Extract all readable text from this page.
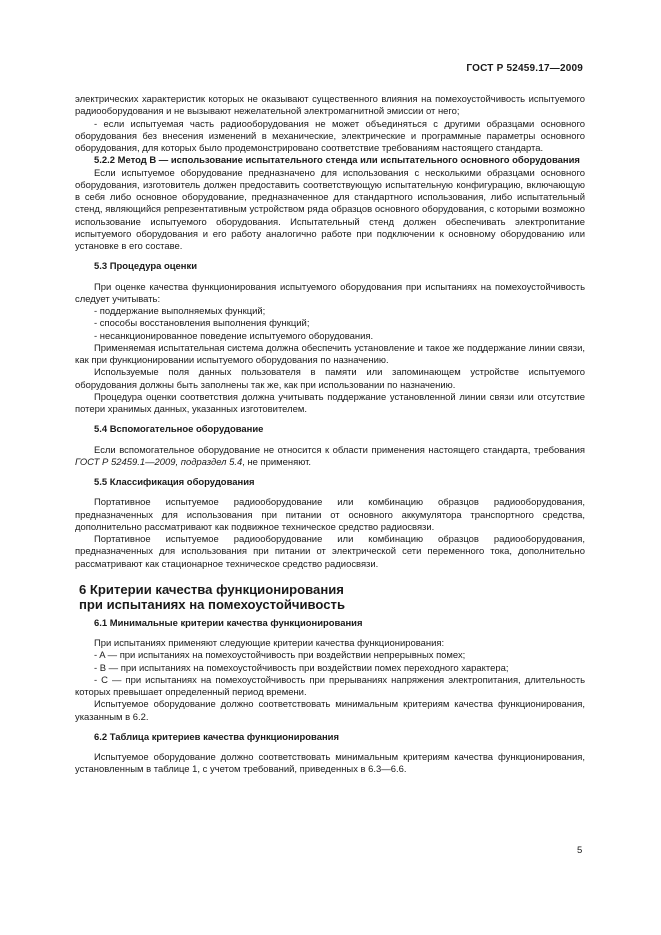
ГОСТ Р 52459.17—2009

электрических характеристик которых не оказывают существенного влияния на помехоустойчивость испытуемого радиооборудования и не вызывают нежелательной электромагнитной эмиссии от него;

- если испытуемая часть радиооборудования не может объединяться с другими образцами основного оборудования без внесения изменений в механические, электрические и программные параметры основного оборудования, для которых было продемонстрировано соответствие требованиям настоящего стандарта.

5.2.2 Метод В — использование испытательного стенда или испытательного основного оборудования

Если испытуемое оборудование предназначено для использования с несколькими образцами основного оборудования, изготовитель должен предоставить соответствующую испытательную конфигурацию, включающую в себя либо основное оборудование, предназначенное для стандартного использования, либо испытательный стенд, являющийся репрезентативным устройством ряда образцов основного оборудования, с которыми возможно использование испытуемого оборудования. Испытательный стенд должен обеспечивать электропитание испытуемого оборудования и его работу аналогично работе при подключении к основному оборудованию или установке в его составе.

5.3 Процедура оценки

При оценке качества функционирования испытуемого оборудования при испытаниях на помехоустойчивость следует учитывать:

- поддержание выполняемых функций;

- способы восстановления выполнения функций;

- несанкционированное поведение испытуемого оборудования.

Применяемая испытательная система должна обеспечить установление и такое же поддержание линии связи, как при функционировании испытуемого оборудования по назначению.

Используемые поля данных пользователя в памяти или запоминающем устройстве испытуемого оборудования должны быть заполнены так же, как при использовании по назначению.

Процедура оценки соответствия должна учитывать поддержание установленной линии связи или отсутствие потери хранимых данных, указанных изготовителем.

5.4 Вспомогательное оборудование

Если вспомогательное оборудование не относится к области применения настоящего стандарта, требования ГОСТ Р 52459.1—2009, подраздел 5.4, не применяют.

5.5 Классификация оборудования

Портативное испытуемое радиооборудование или комбинацию образцов радиооборудования, предназначенных для использования при питании от основного аккумулятора транспортного средства, дополнительно рассматривают как подвижное техническое средство радиосвязи.

Портативное испытуемое радиооборудование или комбинацию образцов радиооборудования, предназначенных для использования при питании от электрической сети переменного тока, дополнительно рассматривают как стационарное техническое средство радиосвязи.

6 Критерии качества функционирования
при испытаниях на помехоустойчивость

6.1 Минимальные критерии качества функционирования

При испытаниях применяют следующие критерии качества функционирования:

- A — при испытаниях на помехоустойчивость при воздействии непрерывных помех;

- B — при испытаниях на помехоустойчивость при воздействии помех переходного характера;

- C — при испытаниях на помехоустойчивость при прерываниях напряжения электропитания, длительность которых превышает определенный период времени.

Испытуемое оборудование должно соответствовать минимальным критериям качества функционирования, указанным в 6.2.

6.2 Таблица критериев качества функционирования

Испытуемое оборудование должно соответствовать минимальным критериям качества функционирования, установленным в таблице 1, с учетом требований, приведенных в 6.3—6.6.

5
